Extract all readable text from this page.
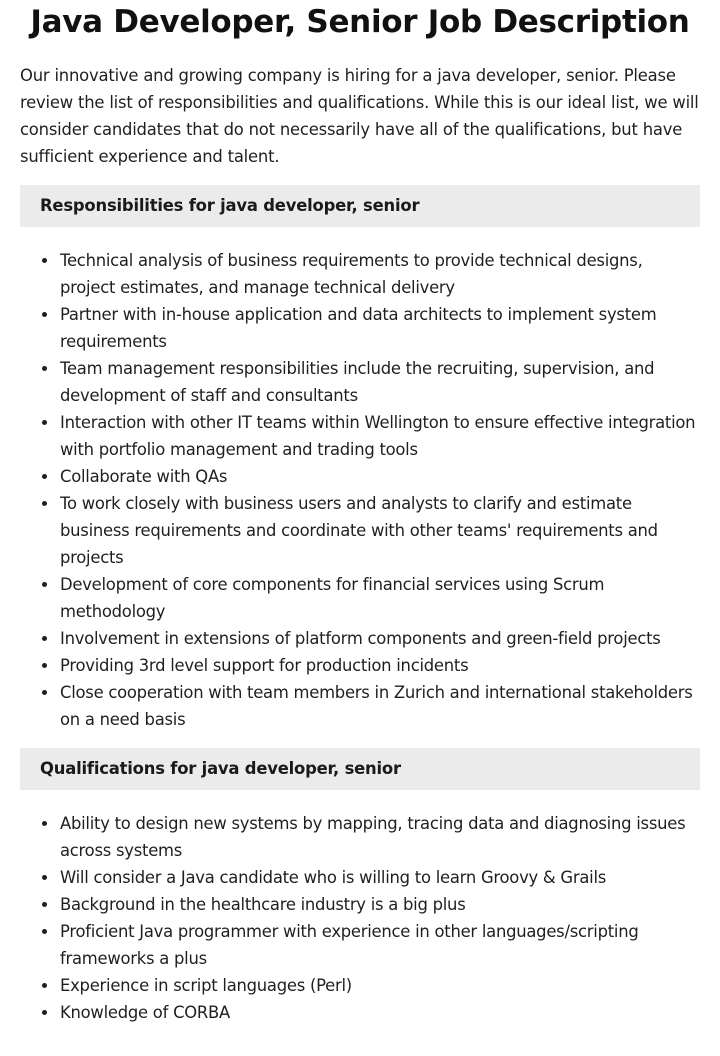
Java Developer, Senior Job Description

Our innovative and growing company is hiring for a java developer, senior. Please review the list of responsibilities and qualifications. While this is our ideal list, we will consider candidates that do not necessarily have all of the qualifications, but have sufficient experience and talent.

Responsibilities for java developer, senior
Technical analysis of business requirements to provide technical designs, project estimates, and manage technical delivery
Partner with in-house application and data architects to implement system requirements
Team management responsibilities include the recruiting, supervision, and development of staff and consultants
Interaction with other IT teams within Wellington to ensure effective integration with portfolio management and trading tools
Collaborate with QAs
To work closely with business users and analysts to clarify and estimate business requirements and coordinate with other teams' requirements and projects
Development of core components for financial services using Scrum methodology
Involvement in extensions of platform components and green-field projects
Providing 3rd level support for production incidents
Close cooperation with team members in Zurich and international stakeholders on a need basis
Qualifications for java developer, senior
Ability to design new systems by mapping, tracing data and diagnosing issues across systems
Will consider a Java candidate who is willing to learn Groovy & Grails
Background in the healthcare industry is a big plus
Proficient Java programmer with experience in other languages/scripting frameworks a plus
Experience in script languages (Perl)
Knowledge of CORBA
